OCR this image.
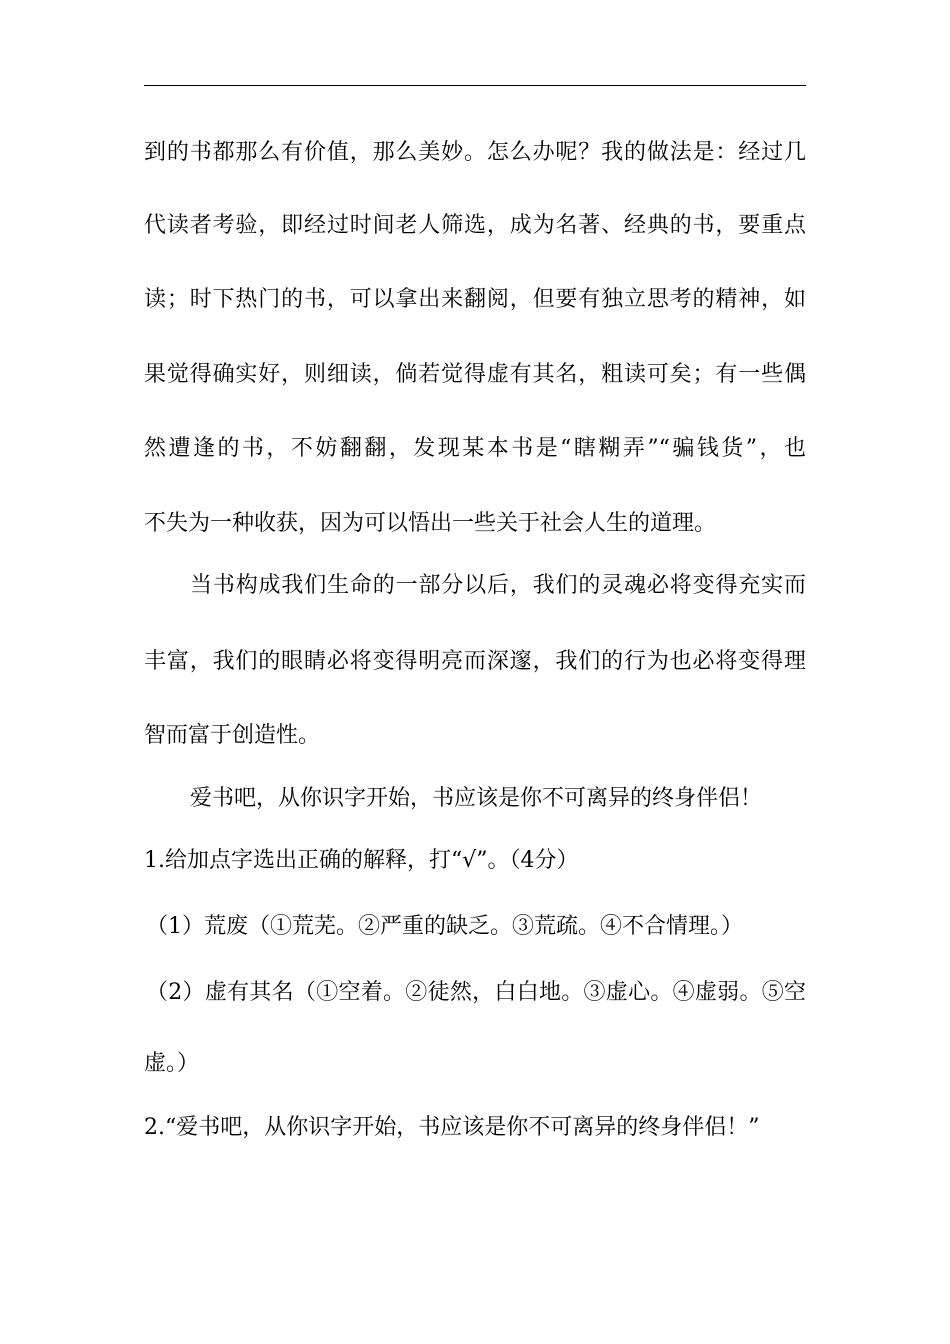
到的书都那么有价值，那么美妙。怎么办呢？我的做法是：经过几
代读者考验，即经过时间老人筛选，成为名著、经典的书，要重点
读；时下热门的书，可以拿出来翻阅，但要有独立思考的精神，如
果觉得确实好，则细读，倘若觉得虚有其名，粗读可矣；有一些偶
然遭逢的书，不妨翻翻，发现某本书是“瞎糊弄”“骗钱货”，也
不失为一种收获，因为可以悟出一些关于社会人生的道理。
当书构成我们生命的一部分以后，我们的灵魂必将变得充实而
丰富，我们的眼睛必将变得明亮而深邃，我们的行为也必将变得理
智而富于创造性。
爱书吧，从你识字开始，书应该是你不可离异的终身伴侣！
1.给加点字选出正确的解释，打“√”。（4分）
（1）荒废（①荒芜。②严重的缺乏。③荒疏。④不合情理。）
（2）虚有其名（①空着。②徒然，白白地。③虚心。④虚弱。⑤空
虚。）
2.“爱书吧，从你识字开始，书应该是你不可离异的终身伴侣！”
